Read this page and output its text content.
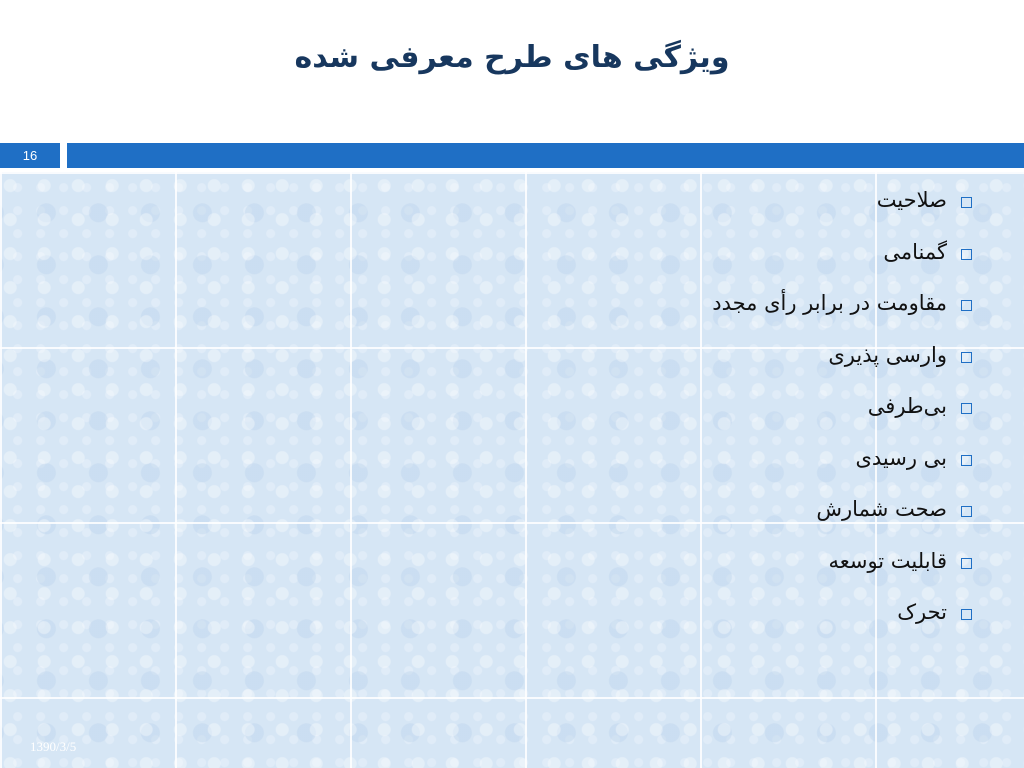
ویژگی های طرح معرفی شده
16
صلاحیت
گمنامی
مقاومت در برابر رأی مجدد
وارسی پذیری
بی‌طرفی
بی رسیدی
صحت شمارش
قابلیت توسعه
تحرک
1390/3/5
